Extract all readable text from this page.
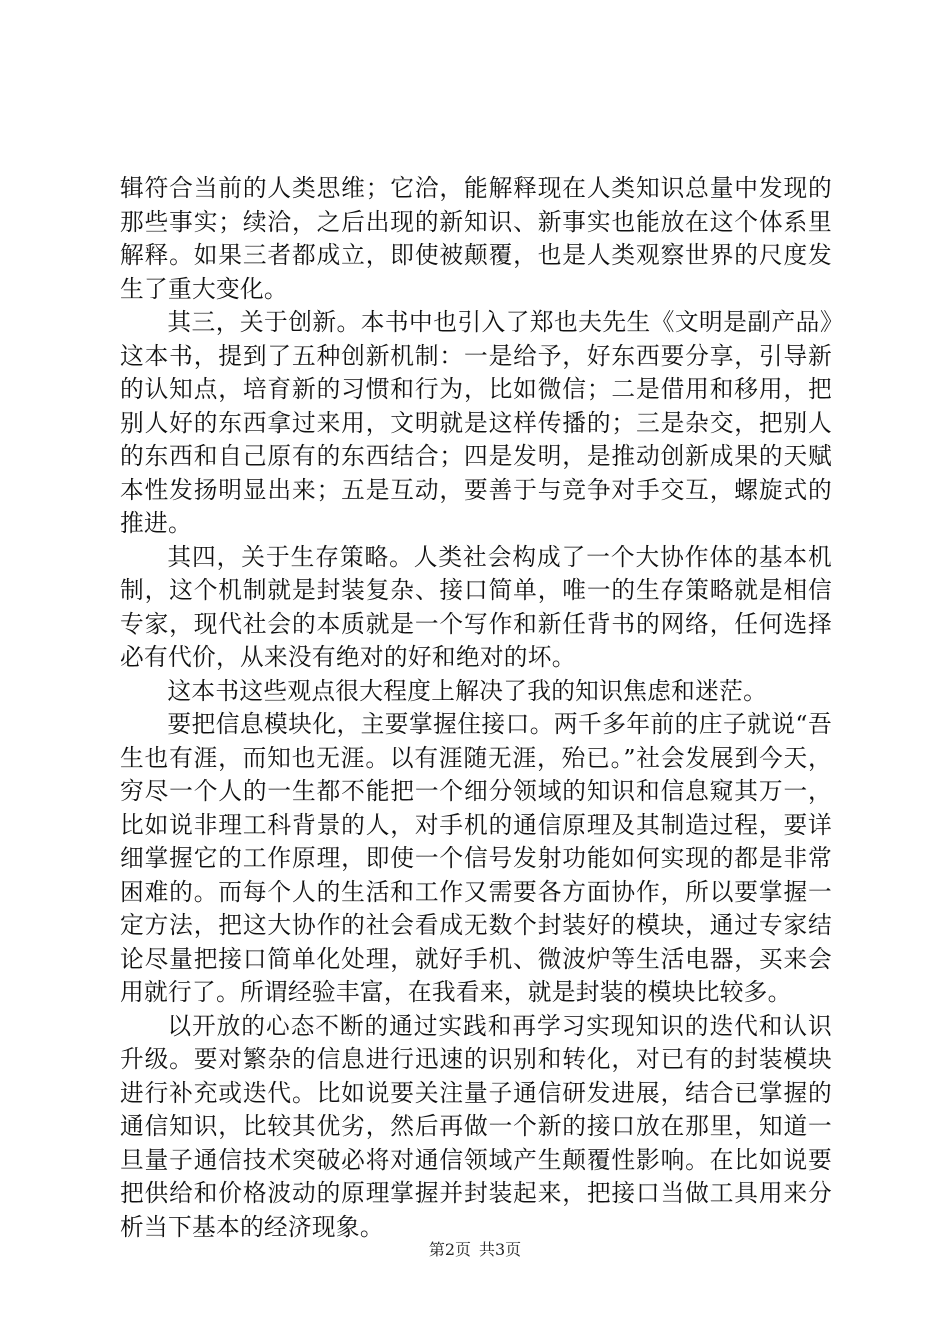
辑符合当前的人类思维；它洽，能解释现在人类知识总量中发现的那些事实；续洽，之后出现的新知识、新事实也能放在这个体系里解释。如果三者都成立，即使被颠覆，也是人类观察世界的尺度发生了重大变化。

其三，关于创新。本书中也引入了郑也夫先生《文明是副产品》这本书，提到了五种创新机制：一是给予，好东西要分享，引导新的认知点，培育新的习惯和行为，比如微信；二是借用和移用，把别人好的东西拿过来用，文明就是这样传播的；三是杂交，把别人的东西和自己原有的东西结合；四是发明，是推动创新成果的天赋本性发扬明显出来；五是互动，要善于与竞争对手交互，螺旋式的推进。

其四，关于生存策略。人类社会构成了一个大协作体的基本机制，这个机制就是封装复杂、接口简单，唯一的生存策略就是相信专家，现代社会的本质就是一个写作和新任背书的网络，任何选择必有代价，从来没有绝对的好和绝对的坏。

这本书这些观点很大程度上解决了我的知识焦虑和迷茫。

要把信息模块化，主要掌握住接口。两千多年前的庄子就说“吾生也有涯，而知也无涯。以有涯随无涯，殆已。”社会发展到今天，穷尽一个人的一生都不能把一个细分领域的知识和信息窥其万一，比如说非理工科背景的人，对手机的通信原理及其制造过程，要详细掌握它的工作原理，即使一个信号发射功能如何实现的都是非常困难的。而每个人的生活和工作又需要各方面协作，所以要掌握一定方法，把这大协作的社会看成无数个封装好的模块，通过专家结论尽量把接口简单化处理，就好手机、微波炉等生活电器，买来会用就行了。所谓经验丰富，在我看来，就是封装的模块比较多。

以开放的心态不断的通过实践和再学习实现知识的迭代和认识升级。要对繁杂的信息进行迅速的识别和转化，对已有的封装模块进行补充或迭代。比如说要关注量子通信研发进展，结合已掌握的通信知识，比较其优劣，然后再做一个新的接口放在那里，知道一旦量子通信技术突破必将对通信领域产生颠覆性影响。在比如说要把供给和价格波动的原理掌握并封装起来，把接口当做工具用来分析当下基本的经济现象。

第2页 共3页
